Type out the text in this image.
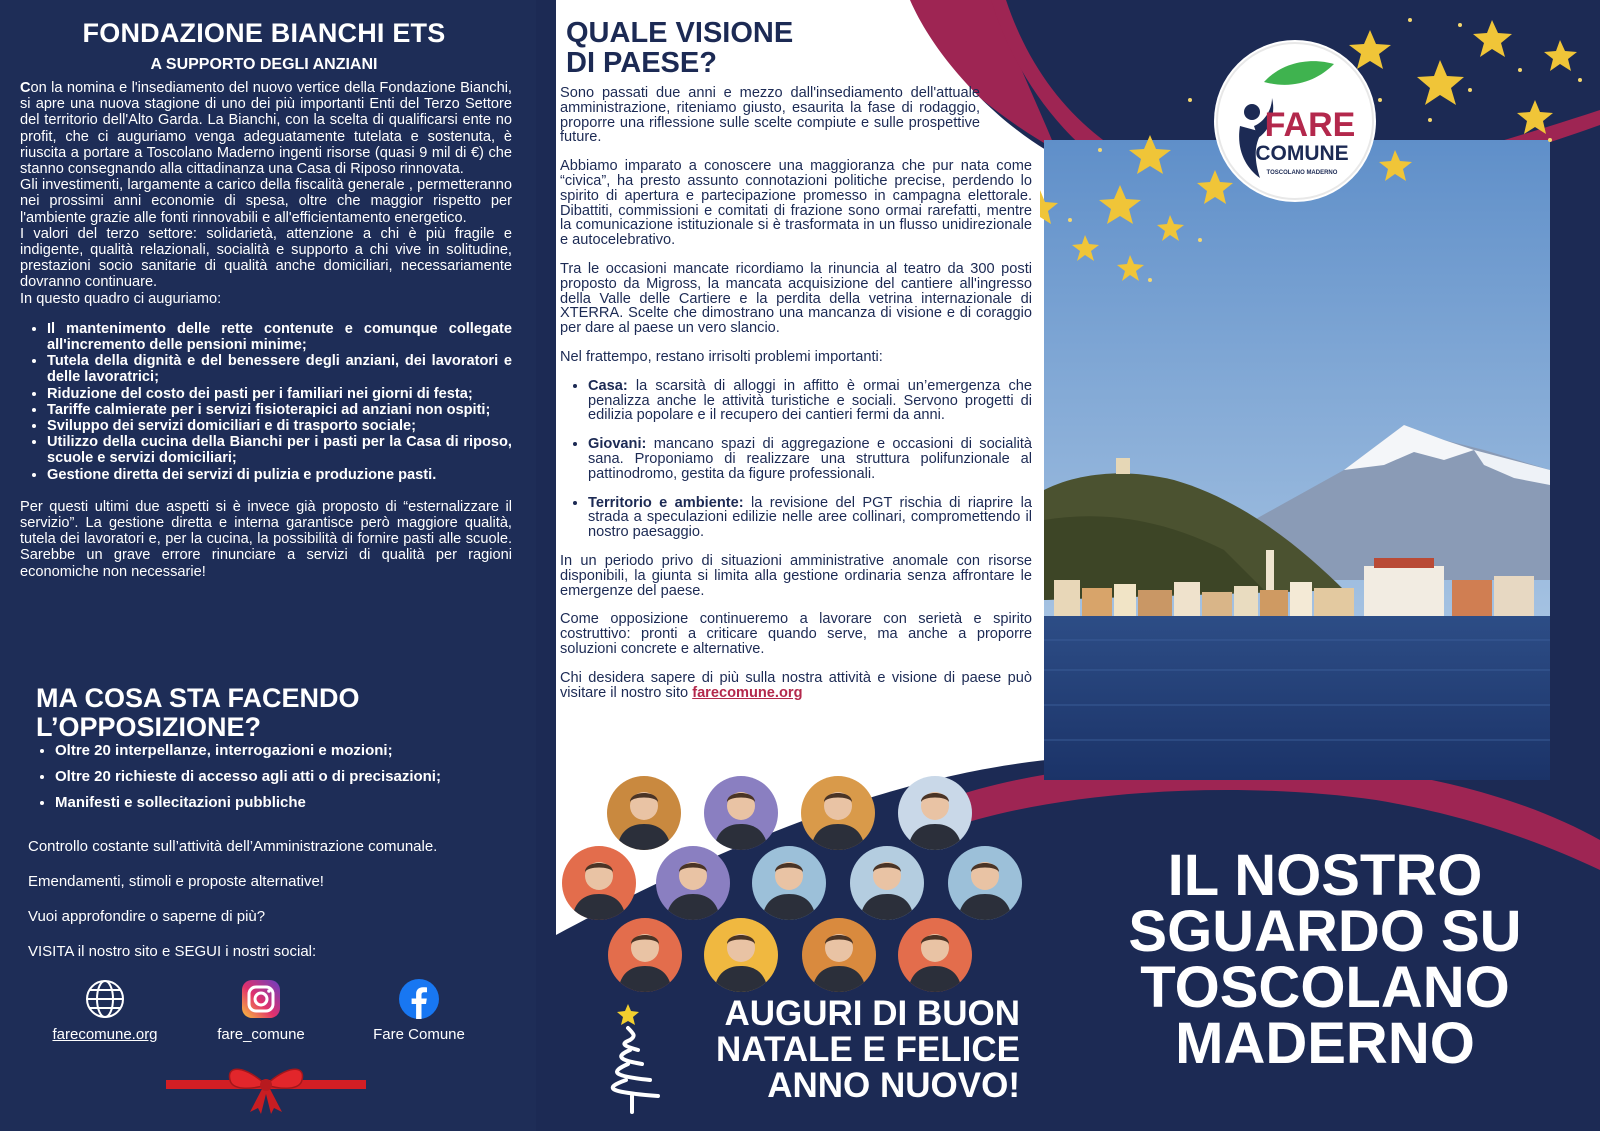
FONDAZIONE BIANCHI ETS
A SUPPORTO DEGLI ANZIANI

Con la nomina e l'insediamento del nuovo vertice della Fondazione Bianchi, si apre una nuova stagione di uno dei più importanti Enti del Terzo Settore del territorio dell'Alto Garda. La Bianchi, con la scelta di qualificarsi ente no profit, che ci auguriamo venga adeguatamente tutelata e sostenuta, è riuscita a portare a Toscolano Maderno ingenti risorse (quasi 9 mil di €) che stanno consegnando alla cittadinanza una Casa di Riposo rinnovata.

Gli investimenti, largamente a carico della fiscalità generale , permetteranno nei prossimi anni economie di spesa, oltre che maggior rispetto per l'ambiente grazie alle fonti rinnovabili e all'efficientamento energetico.

I valori del terzo settore: solidarietà, attenzione a chi è più fragile e indigente, qualità relazionali, socialità e supporto a chi vive in solitudine, prestazioni socio sanitarie di qualità anche domiciliari, necessariamente dovranno continuare.

In questo quadro ci auguriamo:

• Il mantenimento delle rette contenute e comunque collegate all'incremento delle pensioni minime;
• Tutela della dignità e del benessere degli anziani, dei lavoratori e delle lavoratrici;
• Riduzione del costo dei pasti per i familiari nei giorni di festa;
• Tariffe calmierate per i servizi fisioterapici ad anziani non ospiti;
• Sviluppo dei servizi domiciliari e di trasporto sociale;
• Utilizzo della cucina della Bianchi per i pasti per la Casa di riposo, scuole e servizi domiciliari;
• Gestione diretta dei servizi di pulizia e produzione pasti.

Per questi ultimi due aspetti si è invece già proposto di “esternalizzare il servizio”. La gestione diretta e interna garantisce però maggiore qualità, tutela dei lavoratori e, per la cucina, la possibilità di fornire pasti alle scuole. Sarebbe un grave errore rinunciare a servizi di qualità per ragioni economiche non necessarie!

MA COSA STA FACENDO
L’OPPOSIZIONE?
• Oltre 20 interpellanze, interrogazioni e mozioni;
• Oltre 20 richieste di accesso agli atti o di precisazioni;
• Manifesti e sollecitazioni pubbliche
Controllo costante sull’attività dell’Amministrazione comunale.
Emendamenti, stimoli e proposte alternative!
Vuoi approfondire o saperne di più?
VISITA il nostro sito e SEGUI i nostri social:
farecomune.org	fare_comune	Fare Comune
FARE
COMUNE
TOSCOLANO MADERNO
IL NOSTRO
SGUARDO SU
TOSCOLANO
MADERNO
QUALE VISIONE
DI PAESE?

Sono passati due anni e mezzo dall'insediamento dell'attuale amministrazione, riteniamo giusto, esaurita la fase di rodaggio, proporre una riflessione sulle scelte compiute e sulle prospettive future.

Abbiamo imparato a conoscere una maggioranza che pur nata come “civica”, ha presto assunto connotazioni politiche precise, perdendo lo spirito di apertura e partecipazione promesso in campagna elettorale. Dibattiti, commissioni e comitati di frazione sono ormai rarefatti, mentre la comunicazione istituzionale si è trasformata in un flusso unidirezionale e autocelebrativo.

Tra le occasioni mancate ricordiamo la rinuncia al teatro da 300 posti proposto da Migross, la mancata acquisizione del cantiere all'ingresso della Valle delle Cartiere e la perdita della vetrina internazionale di XTERRA. Scelte che dimostrano una mancanza di visione e di coraggio per dare al paese un vero slancio.

Nel frattempo, restano irrisolti problemi importanti:

• Casa: la scarsità di alloggi in affitto è ormai un’emergenza che penalizza anche le attività turistiche e sociali. Servono progetti di edilizia popolare e il recupero dei cantieri fermi da anni.
• Giovani: mancano spazi di aggregazione e occasioni di socialità sana. Proponiamo di realizzare una struttura polifunzionale al pattinodromo, gestita da figure professionali.
• Territorio e ambiente: la revisione del PGT rischia di riaprire la strada a speculazioni edilizie nelle aree collinari, compromettendo il nostro paesaggio.

In un periodo privo di situazioni amministrative anomale con risorse disponibili, la giunta si limita alla gestione ordinaria senza affrontare le emergenze del paese.

Come opposizione continueremo a lavorare con serietà e spirito costruttivo: pronti a criticare quando serve, ma anche a proporre soluzioni concrete e alternative.

Chi desidera sapere di più sulla nostra attività e visione di paese può visitare il nostro sito farecomune.org

AUGURI DI BUON
NATALE E FELICE
ANNO NUOVO!
